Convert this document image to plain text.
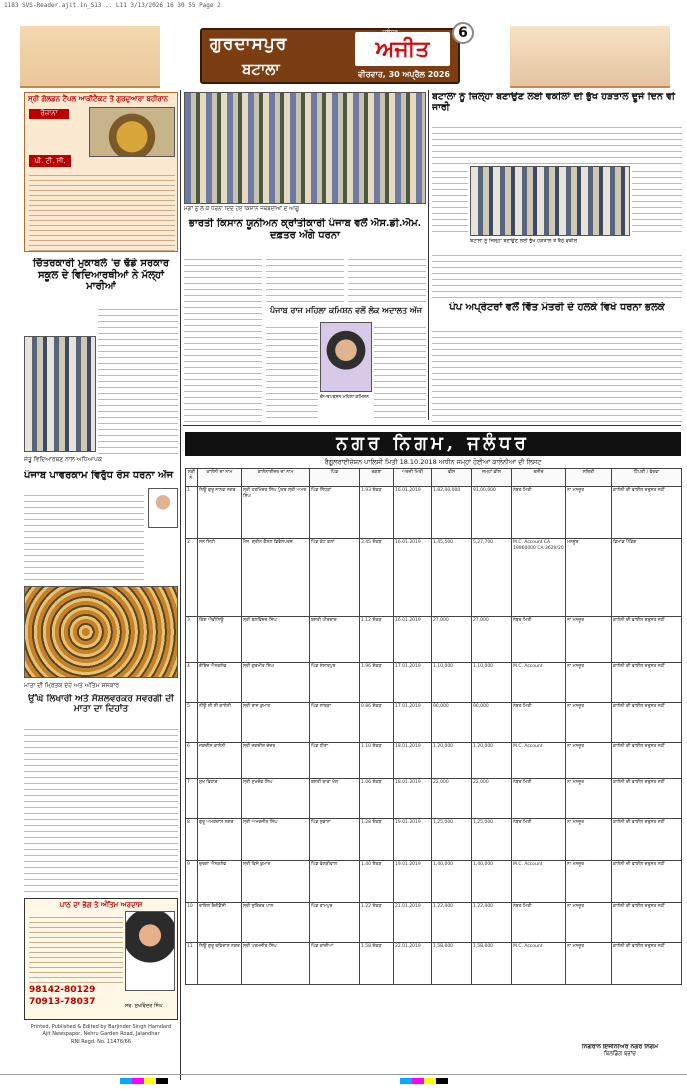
1183 SVS-Reader.ajit.in_S13 .. L11 3/13/2026 16 30 55 Page 2
ਗੁਰਦਾਸਪੁਰ
ਬਟਾਲਾ
ਅਜੀਤ
ਵੀਰਵਾਰ, 30 ਅਪ੍ਰੈਲ 2026
6
ਸ੍ਰੀ ਗੋਲਡਨ ਟੈਂਪਲ ਆਕੀਟੈਕਟ ਤੋਂ ਗੁਰਦੁਆਰਾ ਬਹੀਰਾਨ
ਰੋਜ਼ਾਨਾ
ਪੀ. ਟੀ. ਸੀ.
ਚਿੱਤਰਕਾਰੀ ਮੁਕਾਬਲੇ 'ਚ ਢੱਡੇ ਸਰਕਾਰ ਸਕੂਲ ਦੇ ਵਿਦਿਆਰਥੀਆਂ ਨੇ ਮੱਲ੍ਹਾਂ ਮਾਰੀਆਂ
ਜੇਤੂ ਵਿਦਿਆਰਥਣ ਨਾਲ ਅਧਿਆਪਕ
ਪੰਜਾਬ ਪਾਵਰਕਾਮ ਵਿਰੁੱਧ ਰੋਸ ਧਰਨਾ ਅੱਜ
ਮਾਤਾ ਦੀ ਮ੍ਰਿਤਕ ਦੇਹ ਅਤੇ ਅੰਤਿਮ ਸਸਕਾਰ
ਉੱਘੇ ਲਿਖਾਰੀ ਅਤੇ ਸੋਸ਼ਲਵਰਕਰ ਸਵਰਗੀ ਦੀ ਮਾਤਾ ਦਾ ਦਿਹਾਂਤ
ਪਾਠ ਦਾ ਭੋਗ ਤੇ ਅੰਤਿਮ ਅਰਦਾਸ
98142-80129
70913-78037	ਸਵ. ਸੁਖਵਿੰਦਰ ਸਿੰਘ
Printed, Published & Edited by Barjinder Singh Hamdard
Ajit Newspaper, Nehru Garden Road, Jalandhar
RNI Regd. No. 11476/66
ਮੰਗਾਂ ਨੂੰ ਲੈ ਕੇ ਧਰਨਾ ਦਿੰਦੇ ਹੋਏ ਕਿਸਾਨ ਜਥੇਬੰਦੀਆਂ ਦੇ ਆਗੂ
ਭਾਰਤੀ ਕਿਸਾਨ ਯੂਨੀਅਨ ਕ੍ਰਾਂਤੀਕਾਰੀ ਪੰਜਾਬ ਵਲੋਂ ਐਸ.ਡੀ.ਐਮ. ਦਫ਼ਤਰ ਅੱਗੇ ਧਰਨਾ
ਪੰਜਾਬ ਰਾਜ ਮਹਿਲਾ ਕਮਿਸ਼ਨ ਵਲੋਂ ਲੋਕ ਅਦਾਲਤ ਅੱਜ
ਚੇਅਰਪਰਸਨ ਮਹਿਲਾ ਕਮਿਸ਼ਨ
ਬਟਾਲਾ ਨੂੰ ਜ਼ਿਲ੍ਹਾ ਬਣਾਉਣ ਲਈ ਵਕੀਲਾਂ ਦੀ ਭੁੱਖ ਹੜਤਾਲ ਦੂਜੇ ਦਿਨ ਵੀ ਜਾਰੀ
ਬਟਾਲਾ ਨੂੰ ਜ਼ਿਲ੍ਹਾ ਬਣਾਉਣ ਲਈ ਭੁੱਖ ਹੜਤਾਲ ਤੇ ਬੈਠੇ ਵਕੀਲ
ਪੰਪ ਅਪ੍ਰੇਟਰਾਂ ਵਲੋਂ ਵਿੱਤ ਮੰਤਰੀ ਦੇ ਹਲਕੇ ਵਿਖੇ ਧਰਨਾ ਭਲਕੇ
ਨਗਰ ਨਿਗਮ, ਜਲੰਧਰ
ਰੈਗੂਲਰਾਈਜ਼ੇਸ਼ਨ ਪਾਲਿਸੀ ਮਿਤੀ 18.10.2018 ਅਧੀਨ ਜਮ੍ਹਾਂ ਹੋਈਆਂ ਕਾਲੋਨੀਆਂ ਦੀ ਲਿਸਟ
ਲੜੀ ਨੰ.	ਕਾਲੋਨੀ ਦਾ ਨਾਮ	ਕਾਲੋਨਾਈਜ਼ਰ ਦਾ ਨਾਮ	ਪਿੰਡ	ਰਕਬਾ	ਅਰਜ਼ੀ ਮਿਤੀ	ਫੀਸ	ਜਮ੍ਹਾਂ ਫੀਸ	ਰਸੀਦ	ਸਥਿਤੀ	ਟਿੱਪਣੀ / ਵੇਰਵਾ
1	ਨਿਊ ਗੁਰੂ ਨਾਨਕ ਨਗਰ	ਸ੍ਰੀ ਹਰਮਿੰਦਰ ਸਿੰਘ ਪੁੱਤਰ ਸ੍ਰੀ ਅਮਰ ਸਿੰਘ	ਪਿੰਡ ਲਿੱਧੜਾਂ	1.93 ਏਕੜ	16.01.2019	1,82,00,000	91,00,000	ਨੰਬਰ ਮਿਤੀ	ਨਾ ਮਨਜ਼ੂਰ	ਕਾਲੋਨੀ ਦੀ ਫਾਈਲ ਦਰੁਸਤ ਨਹੀਂ
2	ਸਨ ਸਿਟੀ	ਮੈਸ. ਗ੍ਰੀਨ ਕੈਸਲ ਡਿਵੈਲਪਰਜ਼	ਪਿੰਡ ਕੋਟ ਕਲਾਂ	3.45 ਏਕੜ	16.01.2019	1,45,500	5,27,700	M.C. Account CA 19960000 CA 3629/20	ਮਨਜ਼ੂਰ	ਡਿਮਾਂਡ ਪੈਂਡਿੰਗ
3	ਕਿੰਗ ਐਵੀਨਿਊ	ਸ੍ਰੀ ਬਲਵਿੰਦਰ ਸਿੰਘ	ਬਸਤੀ ਪੀਰਦਾਦ	1.12 ਏਕੜ	16.01.2019	27,000	27,000	ਨੰਬਰ ਮਿਤੀ	ਨਾ ਮਨਜ਼ੂਰ	ਕਾਲੋਨੀ ਦੀ ਫਾਈਲ ਦਰੁਸਤ ਨਹੀਂ
4	ਗੋਬਿੰਦ ਐਨਕਲੇਵ	ਸ੍ਰੀ ਗੁਰਮੀਤ ਸਿੰਘ	ਪਿੰਡ ਸੰਸਾਰਪੁਰ	1.96 ਏਕੜ	17.01.2019	1,10,000	1,10,000	M.C. Account	ਨਾ ਮਨਜ਼ੂਰ	ਕਾਲੋਨੀ ਦੀ ਫਾਈਲ ਦਰੁਸਤ ਨਹੀਂ
5	ਨੀਊ ਸੀ ਸੀ ਕਾਲੋਨੀ	ਸ੍ਰੀ ਰਾਜ ਕੁਮਾਰ	ਪਿੰਡ ਲਾਂਬੜਾ	0.86 ਏਕੜ	17.01.2019	90,000	90,000	ਨੰਬਰ ਮਿਤੀ	ਨਾ ਮਨਜ਼ੂਰ	ਕਾਲੋਨੀ ਦੀ ਫਾਈਲ ਦਰੁਸਤ ਨਹੀਂ
6	ਜਗਦੀਸ਼ ਕਾਲੋਨੀ	ਸ੍ਰੀ ਜਗਦੀਸ਼ ਚੰਦਰ	ਪਿੰਡ ਧੀਣਾ	1.10 ਏਕੜ	18.01.2019	1,20,000	1,20,000	M.C. Account	ਨਾ ਮਨਜ਼ੂਰ	ਕਾਲੋਨੀ ਦੀ ਫਾਈਲ ਦਰੁਸਤ ਨਹੀਂ
7	ਸੁਖ ਵਿਹਾਰ	ਸ੍ਰੀ ਸੁਖਦੇਵ ਸਿੰਘ	ਬਸਤੀ ਬਾਵਾ ਖੇਲ	1.06 ਏਕੜ	18.01.2019	22,000	22,000	ਨੰਬਰ ਮਿਤੀ	ਨਾ ਮਨਜ਼ੂਰ	ਕਾਲੋਨੀ ਦੀ ਫਾਈਲ ਦਰੁਸਤ ਨਹੀਂ
8	ਗੁਰੂ ਅਮਰਦਾਸ ਨਗਰ	ਸ੍ਰੀ ਅਮਰਜੀਤ ਸਿੰਘ	ਪਿੰਡ ਸੁਭਾਨਾ	1.28 ਏਕੜ	19.01.2019	1,25,000	1,25,000	ਨੰਬਰ ਮਿਤੀ	ਨਾ ਮਨਜ਼ੂਰ	ਕਾਲੋਨੀ ਦੀ ਫਾਈਲ ਦਰੁਸਤ ਨਹੀਂ
9	ਦੁਰਗਾ ਐਨਕਲੇਵ	ਸ੍ਰੀ ਵਿਜੇ ਕੁਮਾਰ	ਪਿੰਡ ਫੋਲੜੀਵਾਲ	1.40 ਏਕੜ	19.01.2019	1,40,000	1,40,000	M.C. Account	ਨਾ ਮਨਜ਼ੂਰ	ਕਾਲੋਨੀ ਦੀ ਫਾਈਲ ਦਰੁਸਤ ਨਹੀਂ
10	ਰਾਇਲ ਰੈਜ਼ੀਡੈਂਸੀ	ਸ੍ਰੀ ਸੁਰਿੰਦਰ ਪਾਲ	ਪਿੰਡ ਰਾਮਪੁਰ	1.22 ਏਕੜ	21.01.2019	1,22,000	1,22,000	ਨੰਬਰ ਮਿਤੀ	ਨਾ ਮਨਜ਼ੂਰ	ਕਾਲੋਨੀ ਦੀ ਫਾਈਲ ਦਰੁਸਤ ਨਹੀਂ
11	ਨਿਊ ਗੁਰੂ ਰਵਿਦਾਸ ਨਗਰ	ਸ੍ਰੀ ਪਰਮਜੀਤ ਸਿੰਘ	ਪਿੰਡ ਕਾਦੀਆਂ	1.58 ਏਕੜ	22.01.2019	1,58,000	1,58,000	M.C. Account	ਨਾ ਮਨਜ਼ੂਰ	ਕਾਲੋਨੀ ਦੀ ਫਾਈਲ ਦਰੁਸਤ ਨਹੀਂ
ਨਿਗਰਾਨ ਇੰਜੀਨੀਅਰ ਨਗਰ ਨਿਗਮ
ਬਿਲਡਿੰਗ ਬ੍ਰਾਂਚ
